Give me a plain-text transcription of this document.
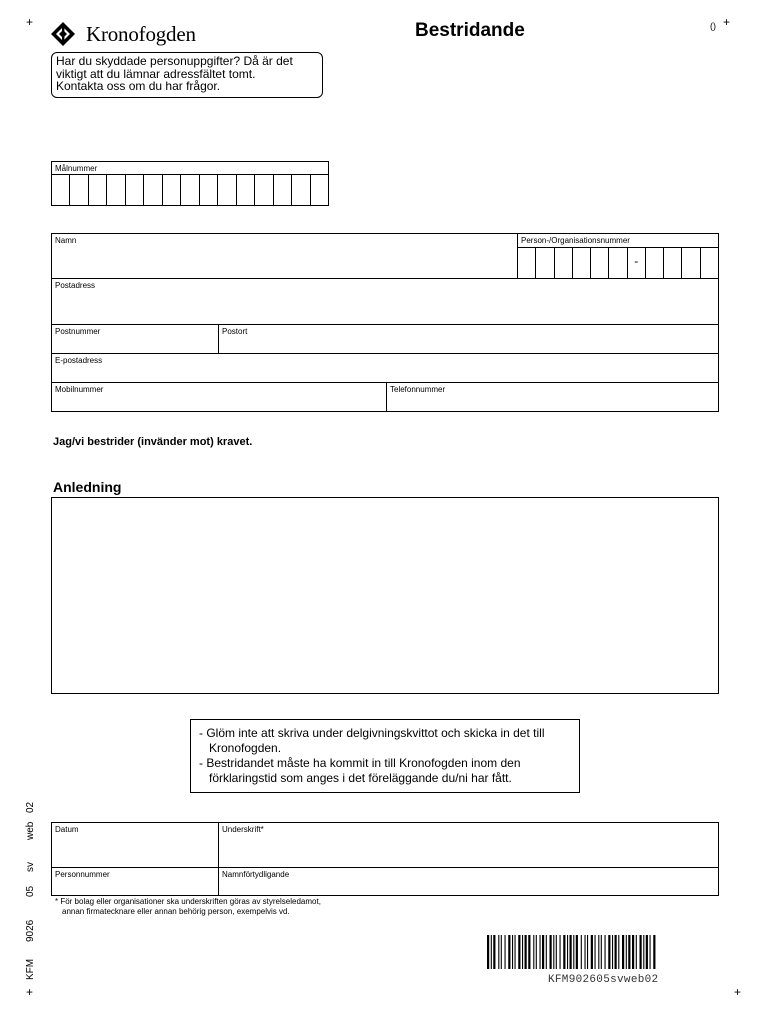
+	+
+	+
Kronofogden	Bestridande	()
Har du skyddade personuppgifter? Då är det
viktigt att du lämnar adressfältet tomt.
Kontakta oss om du har frågor.
Målnummer
Namn	Person-/Organisationsnummer
-
Postadress
Postnummer	Postort
E-postadress
Mobilnummer	Telefonnummer
Jag/vi bestrider (invänder mot) kravet.
Anledning

- Glöm inte att skriva under delgivningskvittot och skicka in det till Kronofogden.

- Bestridandet måste ha kommit in till Kronofogden inom den förklaringstid som anges i det föreläggande du/ni har fått.

KFM
9026
05
sv
web
02
Datum	Underskrift*
Personnummer	Namnförtydligande

* För bolag eller organisationer ska underskriften göras av styrelseledamot,

annan firmatecknare eller annan behörig person, exempelvis vd.

KFM902605svweb02
